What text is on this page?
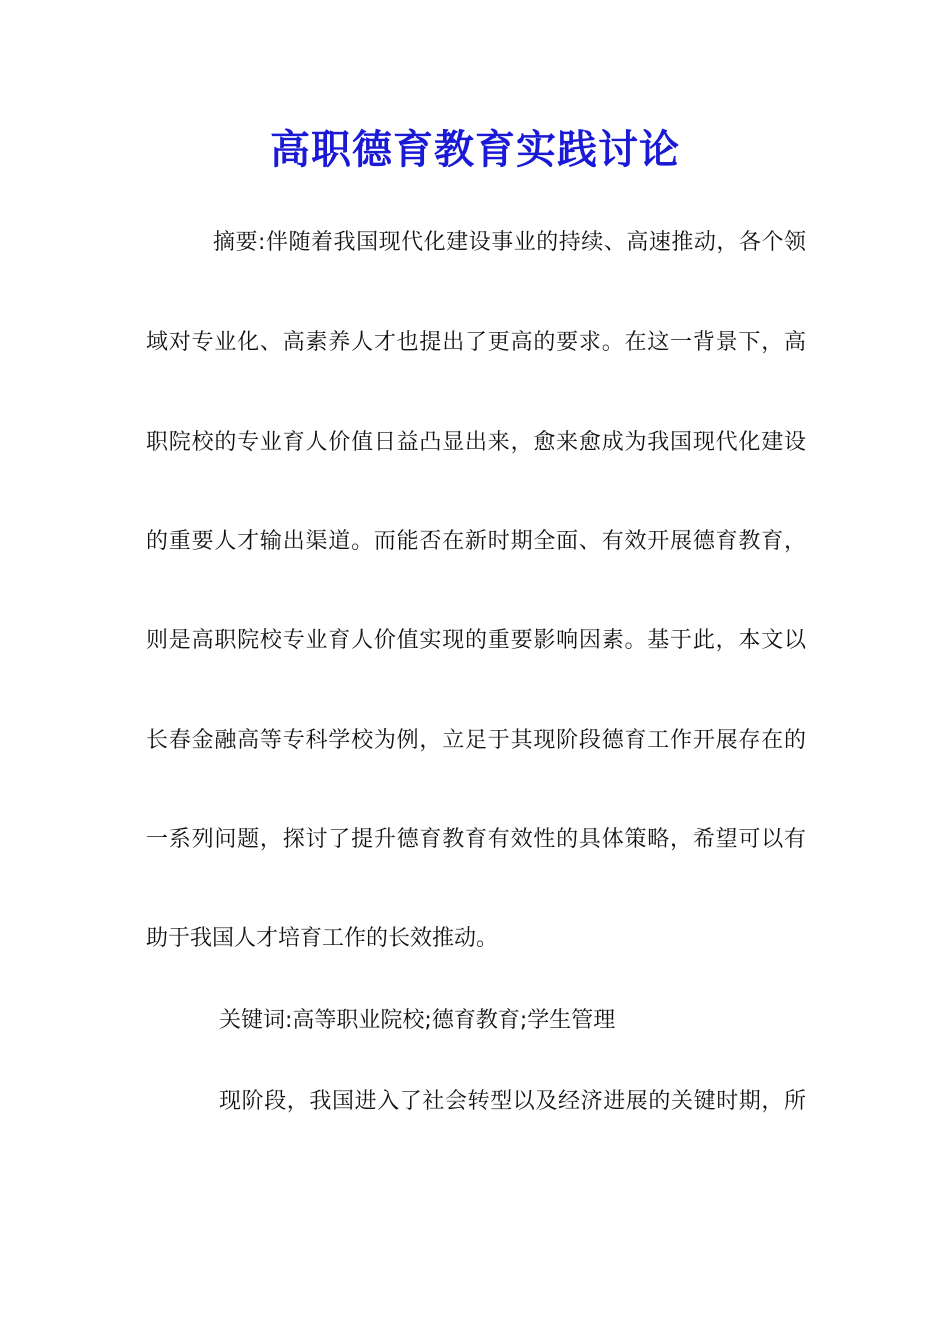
高职德育教育实践讨论
摘要:伴随着我国现代化建设事业的持续、高速推动，各个领
域对专业化、高素养人才也提出了更高的要求。在这一背景下，高
职院校的专业育人价值日益凸显出来，愈来愈成为我国现代化建设
的重要人才输出渠道。而能否在新时期全面、有效开展德育教育，
则是高职院校专业育人价值实现的重要影响因素。基于此，本文以
长春金融高等专科学校为例，立足于其现阶段德育工作开展存在的
一系列问题，探讨了提升德育教育有效性的具体策略，希望可以有
助于我国人才培育工作的长效推动。
关键词:高等职业院校;德育教育;学生管理
现阶段，我国进入了社会转型以及经济进展的关键时期，所
